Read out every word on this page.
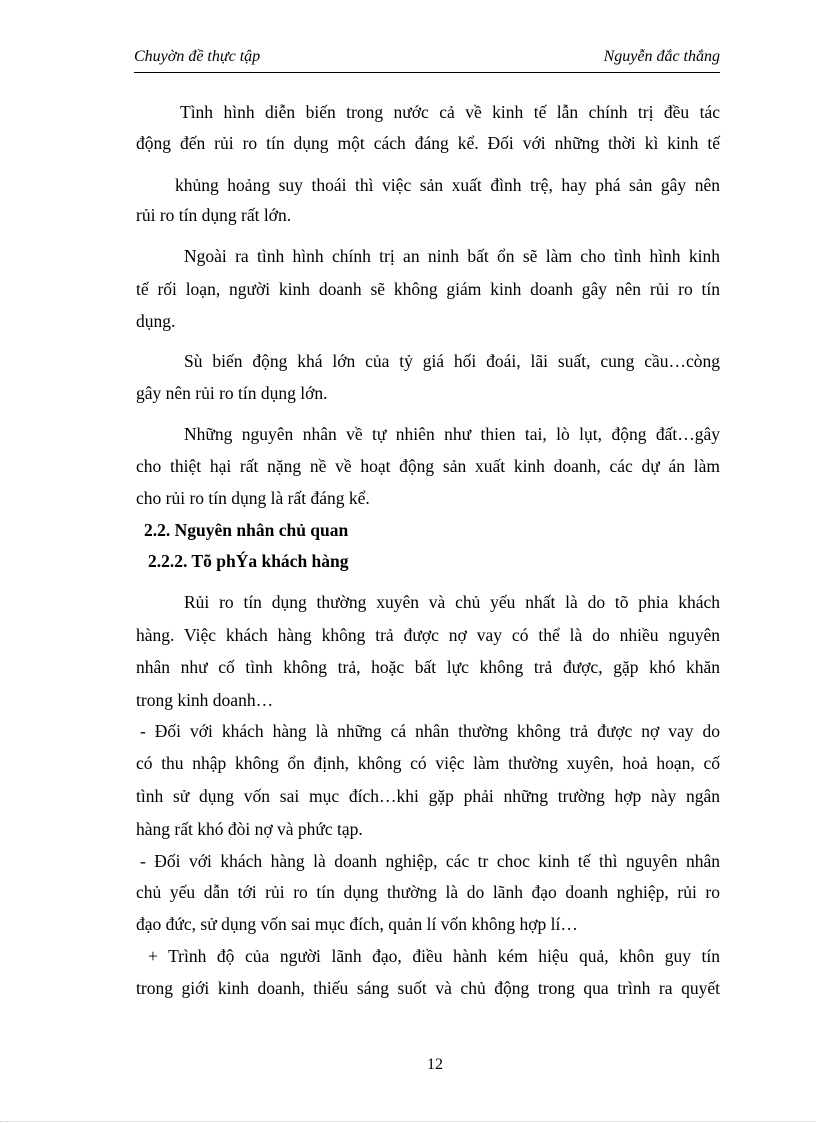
Chuyờn đề thực tập	Nguyễn đắc thắng
Tình hình diễn biến trong nước cả về kinh tế lẫn chính trị đều tác
động đến rủi ro tín dụng một cách đáng kể. Đối với những thời kì kinh tế
khủng hoảng suy thoái thì việc sản xuất đình trệ, hay phá sản gây nên
rủi ro tín dụng rất lớn.
Ngoài ra tình hình chính trị an ninh bất ổn sẽ làm cho tình hình kinh
tế rối loạn, người kinh doanh sẽ không giám kinh doanh gây nên rủi ro tín
dụng.
Sù biến động khá lớn của tỷ giá hối đoái, lãi suất, cung cầu…còng
gây nên rủi ro tín dụng lớn.
Những nguyên nhân về tự nhiên như thien tai, lò lụt, động đất…gây
cho thiệt hại rất nặng nề về hoạt động sản xuất kinh doanh, các dự án làm
cho rủi ro tín dụng là rất đáng kể.
2.2. Nguyên nhân chủ quan
2.2.2. Tõ phÝa khách hàng
Rủi ro tín dụng thường xuyên và chủ yếu nhất là do tõ phia khách
hàng. Việc khách hàng không trả được nợ vay có thể là do nhiều nguyên
nhân như cố tình không trả, hoặc bất lực không trả được, gặp khó khăn
trong kinh doanh…
- Đối với khách hàng là những cá nhân thường không trả được nợ vay do
có thu nhập không ổn định, không có việc làm thường xuyên, hoả hoạn, cố
tình sử dụng vốn sai mục đích…khi gặp phải những trường hợp này ngân
hàng rất khó đòi nợ và phức tạp.
- Đối với khách hàng là doanh nghiệp, các tr choc kinh tế thì nguyên nhân
chủ yếu dẫn tới rủi ro tín dụng thường là do lãnh đạo doanh nghiệp, rủi ro
đạo đức, sử dụng vốn sai mục đích, quản lí vốn không hợp lí…
+ Trình độ của người lãnh đạo, điều hành kém hiệu quả, khôn guy tín
trong giới kinh doanh, thiếu sáng suốt và chủ động trong qua trình ra quyết
12
